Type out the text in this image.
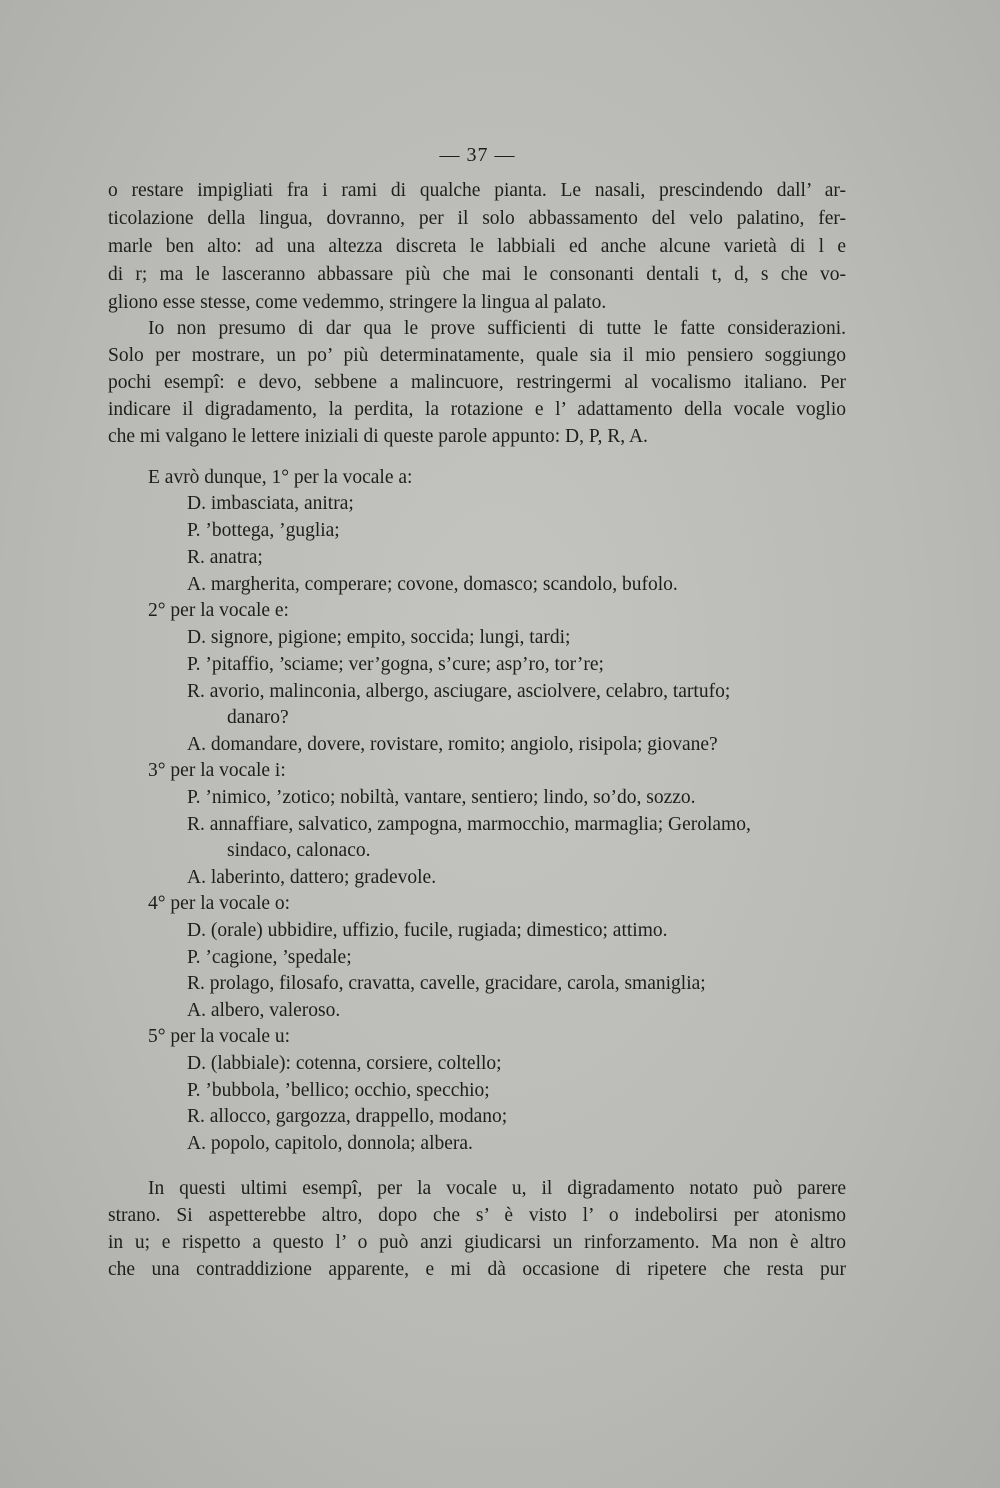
— 37 —
o restare impigliati fra i rami di qualche pianta. Le nasali, prescindendo dall’ ar-
ticolazione della lingua, dovranno, per il solo abbassamento del velo palatino, fer-
marle ben alto: ad una altezza discreta le labbiali ed anche alcune varietà di l e
di r; ma le lasceranno abbassare più che mai le consonanti dentali t, d, s che vo-
gliono esse stesse, come vedemmo, stringere la lingua al palato.
Io non presumo di dar qua le prove sufficienti di tutte le fatte considerazioni.
Solo per mostrare, un po’ più determinatamente, quale sia il mio pensiero soggiungo
pochi esempî: e devo, sebbene a malincuore, restringermi al vocalismo italiano. Per
indicare il digradamento, la perdita, la rotazione e l’ adattamento della vocale voglio
che mi valgano le lettere iniziali di queste parole appunto: D, P, R, A.
E avrò dunque, 1° per la vocale a:
D. imbasciata, anitra;
P. ’bottega, ’guglia;
R. anatra;
A. margherita, comperare; covone, domasco; scandolo, bufolo.
2° per la vocale e:
D. signore, pigione; empito, soccida; lungi, tardi;
P. ’pitaffio, ’sciame; ver’gogna, s’cure; asp’ro, tor’re;
R. avorio, malinconia, albergo, asciugare, asciolvere, celabro, tartufo;
danaro?
A. domandare, dovere, rovistare, romito; angiolo, risipola; giovane?
3° per la vocale i:
P. ’nimico, ’zotico; nobiltà, vantare, sentiero; lindo, so’do, sozzo.
R. annaffiare, salvatico, zampogna, marmocchio, marmaglia; Gerolamo,
sindaco, calonaco.
A. laberinto, dattero; gradevole.
4° per la vocale o:
D. (orale) ubbidire, uffizio, fucile, rugiada; dimestico; attimo.
P. ’cagione, ’spedale;
R. prolago, filosafo, cravatta, cavelle, gracidare, carola, smaniglia;
A. albero, valeroso.
5° per la vocale u:
D. (labbiale): cotenna, corsiere, coltello;
P. ’bubbola, ’bellico; occhio, specchio;
R. allocco, gargozza, drappello, modano;
A. popolo, capitolo, donnola; albera.
In questi ultimi esempî, per la vocale u, il digradamento notato può parere
strano. Si aspetterebbe altro, dopo che s’ è visto l’ o indebolirsi per atonismo
in u; e rispetto a questo l’ o può anzi giudicarsi un rinforzamento. Ma non è altro
che una contraddizione apparente, e mi dà occasione di ripetere che resta pur
